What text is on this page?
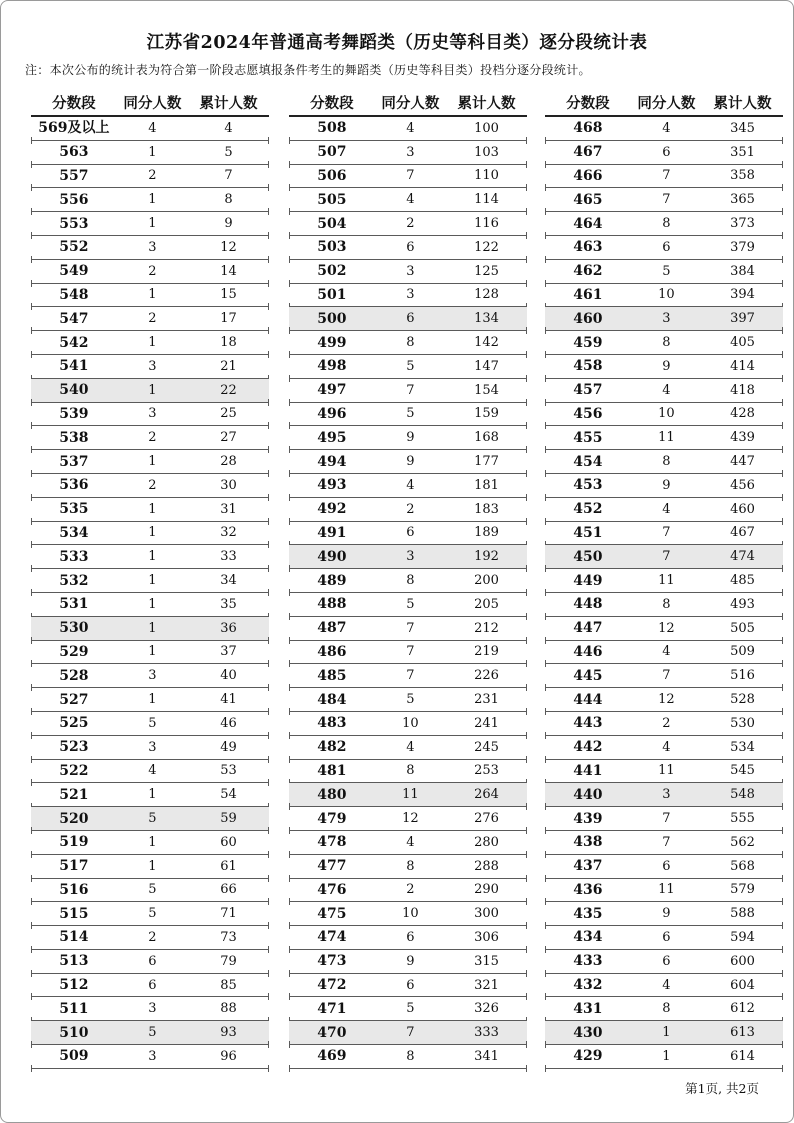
江苏省2024年普通高考舞蹈类（历史等科目类）逐分段统计表
注：本次公布的统计表为符合第一阶段志愿填报条件考生的舞蹈类（历史等科目类）投档分逐分段统计。
分数段	同分人数	累计人数
569及以上	4	4
563	1	5
557	2	7
556	1	8
553	1	9
552	3	12
549	2	14
548	1	15
547	2	17
542	1	18
541	3	21
540	1	22
539	3	25
538	2	27
537	1	28
536	2	30
535	1	31
534	1	32
533	1	33
532	1	34
531	1	35
530	1	36
529	1	37
528	3	40
527	1	41
525	5	46
523	3	49
522	4	53
521	1	54
520	5	59
519	1	60
517	1	61
516	5	66
515	5	71
514	2	73
513	6	79
512	6	85
511	3	88
510	5	93
509	3	96
分数段	同分人数	累计人数
508	4	100
507	3	103
506	7	110
505	4	114
504	2	116
503	6	122
502	3	125
501	3	128
500	6	134
499	8	142
498	5	147
497	7	154
496	5	159
495	9	168
494	9	177
493	4	181
492	2	183
491	6	189
490	3	192
489	8	200
488	5	205
487	7	212
486	7	219
485	7	226
484	5	231
483	10	241
482	4	245
481	8	253
480	11	264
479	12	276
478	4	280
477	8	288
476	2	290
475	10	300
474	6	306
473	9	315
472	6	321
471	5	326
470	7	333
469	8	341
分数段	同分人数	累计人数
468	4	345
467	6	351
466	7	358
465	7	365
464	8	373
463	6	379
462	5	384
461	10	394
460	3	397
459	8	405
458	9	414
457	4	418
456	10	428
455	11	439
454	8	447
453	9	456
452	4	460
451	7	467
450	7	474
449	11	485
448	8	493
447	12	505
446	4	509
445	7	516
444	12	528
443	2	530
442	4	534
441	11	545
440	3	548
439	7	555
438	7	562
437	6	568
436	11	579
435	9	588
434	6	594
433	6	600
432	4	604
431	8	612
430	1	613
429	1	614
第1页, 共2页
